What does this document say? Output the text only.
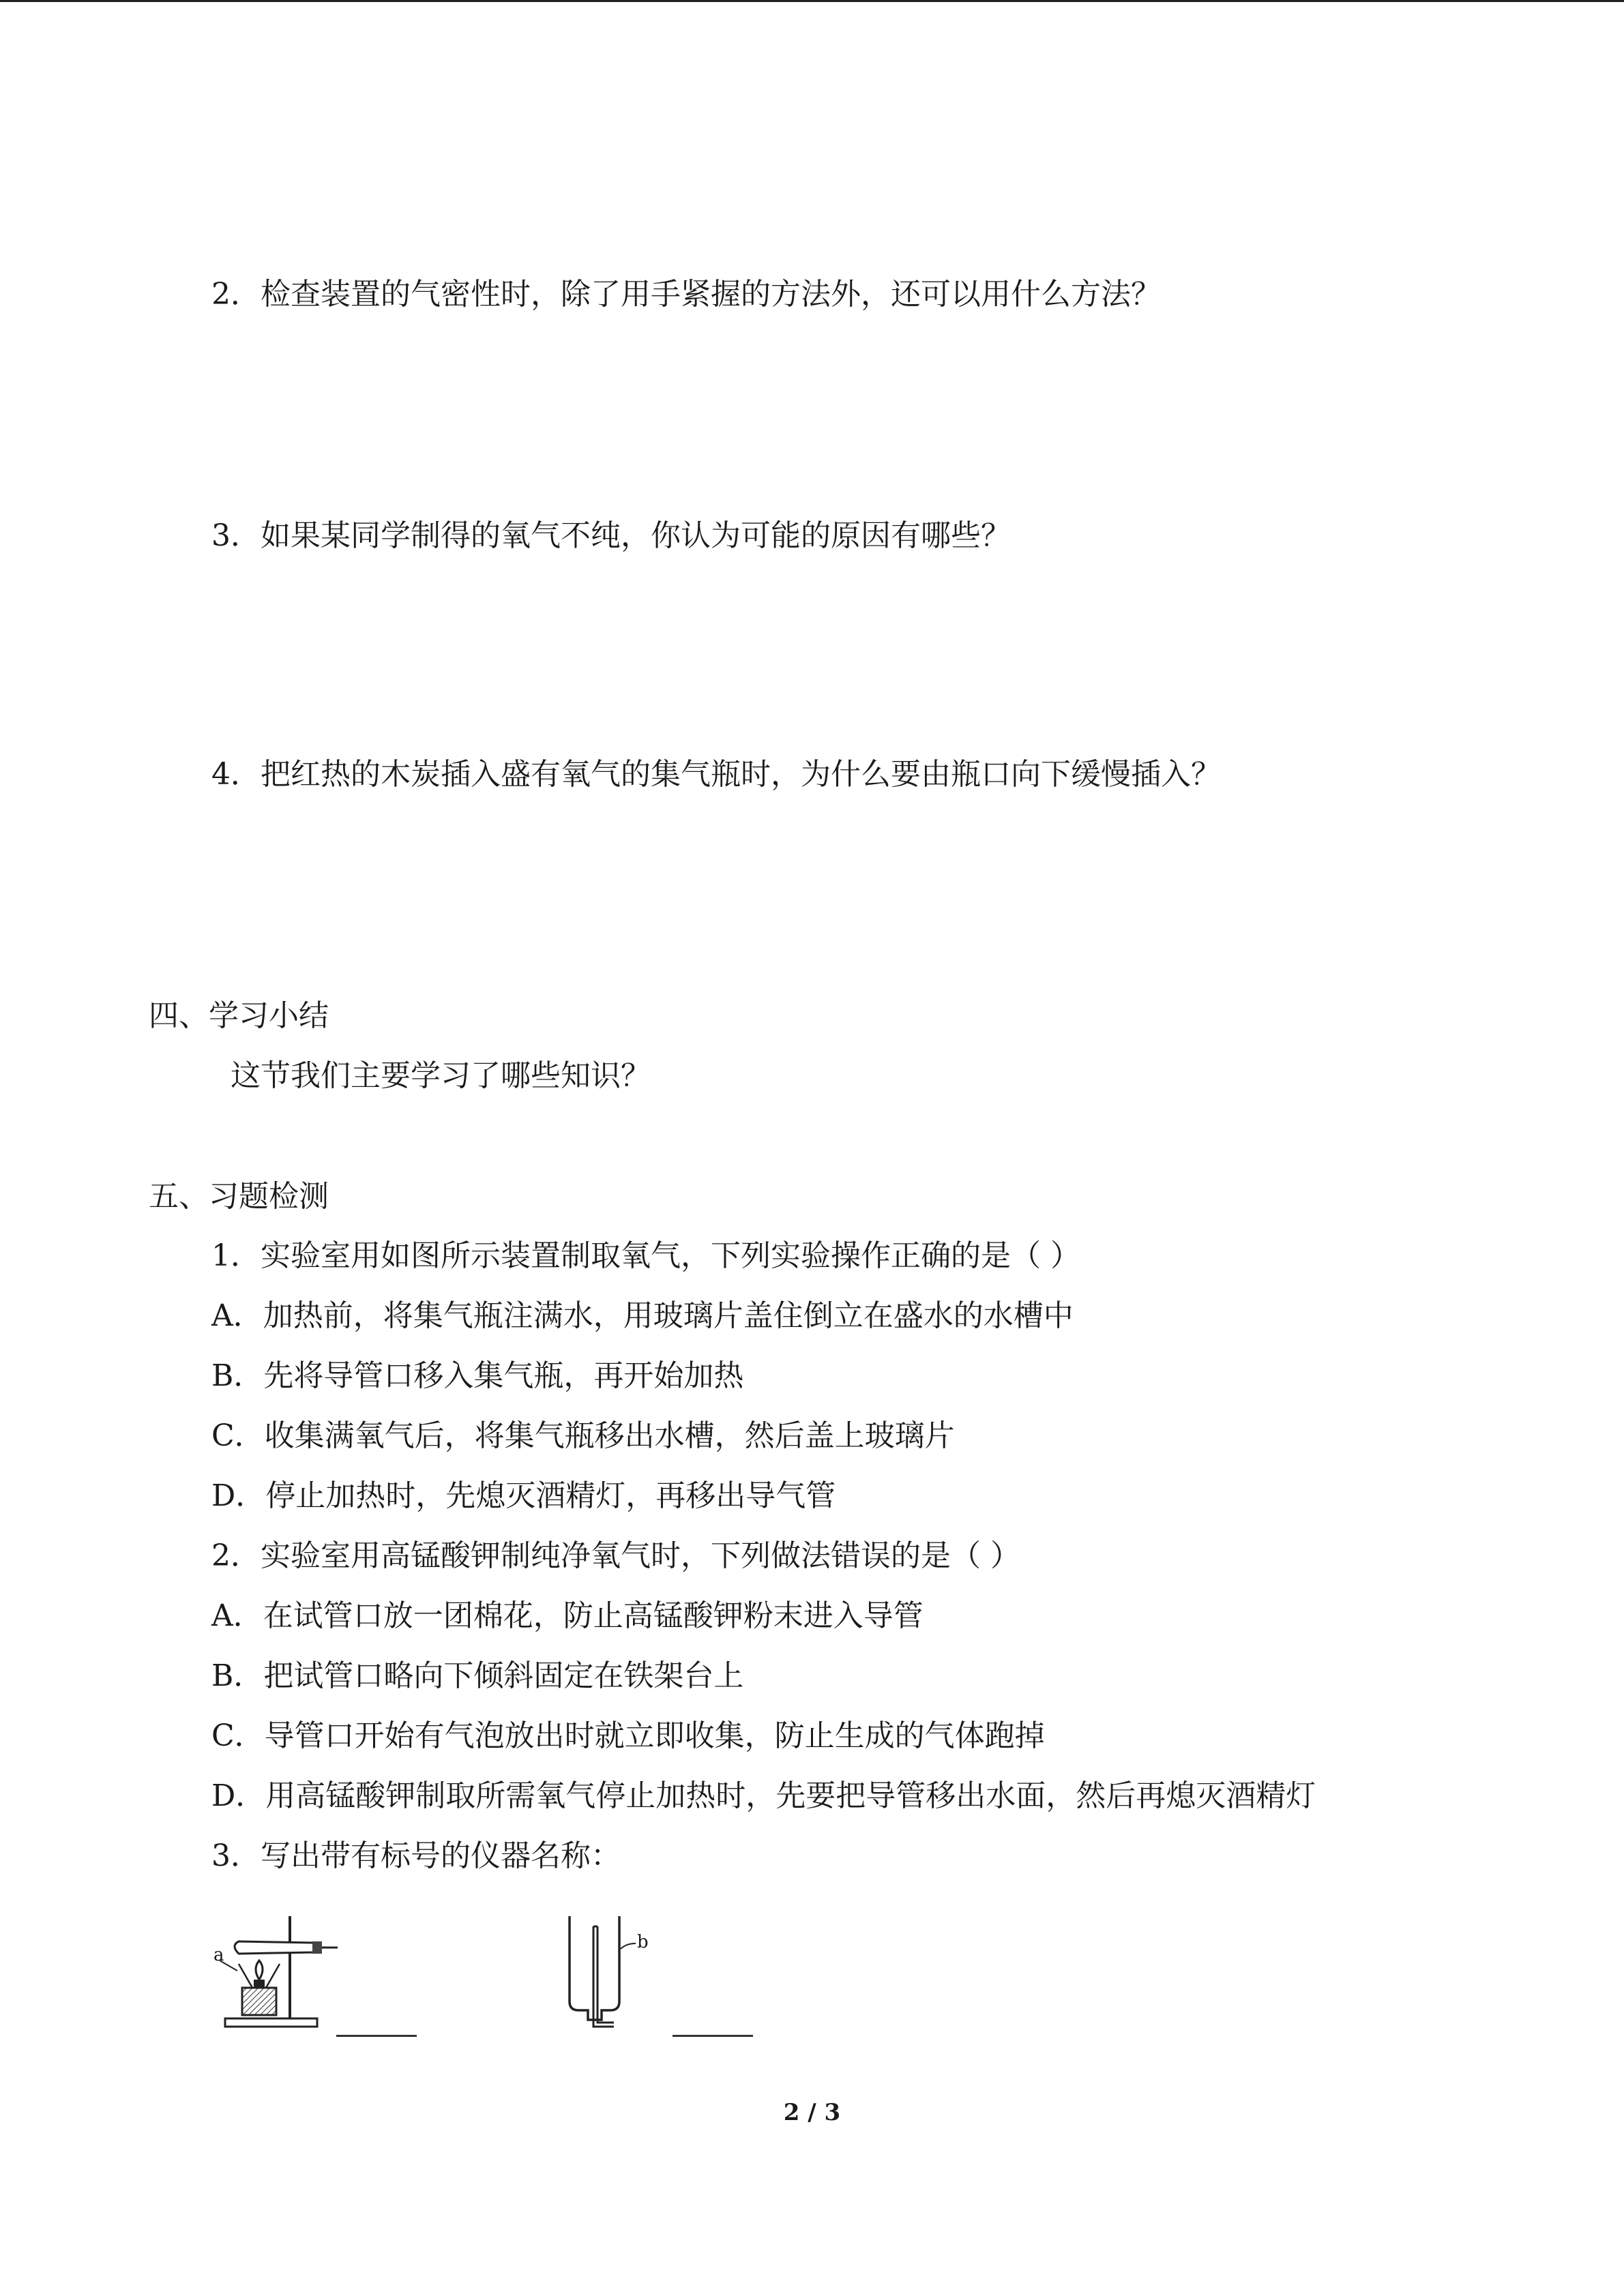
2．检查装置的气密性时，除了用手紧握的方法外，还可以用什么方法？
3．如果某同学制得的氧气不纯，你认为可能的原因有哪些？
4．把红热的木炭插入盛有氧气的集气瓶时，为什么要由瓶口向下缓慢插入？
四、学习小结
这节我们主要学习了哪些知识？
五、习题检测
1．实验室用如图所示装置制取氧气，下列实验操作正确的是（ ）
A．加热前，将集气瓶注满水，用玻璃片盖住倒立在盛水的水槽中
B．先将导管口移入集气瓶，再开始加热
C．收集满氧气后，将集气瓶移出水槽，然后盖上玻璃片
D．停止加热时，先熄灭酒精灯，再移出导气管
2．实验室用高锰酸钾制纯净氧气时，下列做法错误的是（ ）
A．在试管口放一团棉花，防止高锰酸钾粉末进入导管
B．把试管口略向下倾斜固定在铁架台上
C．导管口开始有气泡放出时就立即收集，防止生成的气体跑掉
D．用高锰酸钾制取所需氧气停止加热时，先要把导管移出水面，然后再熄灭酒精灯
3．写出带有标号的仪器名称：
a
b
2 / 3
